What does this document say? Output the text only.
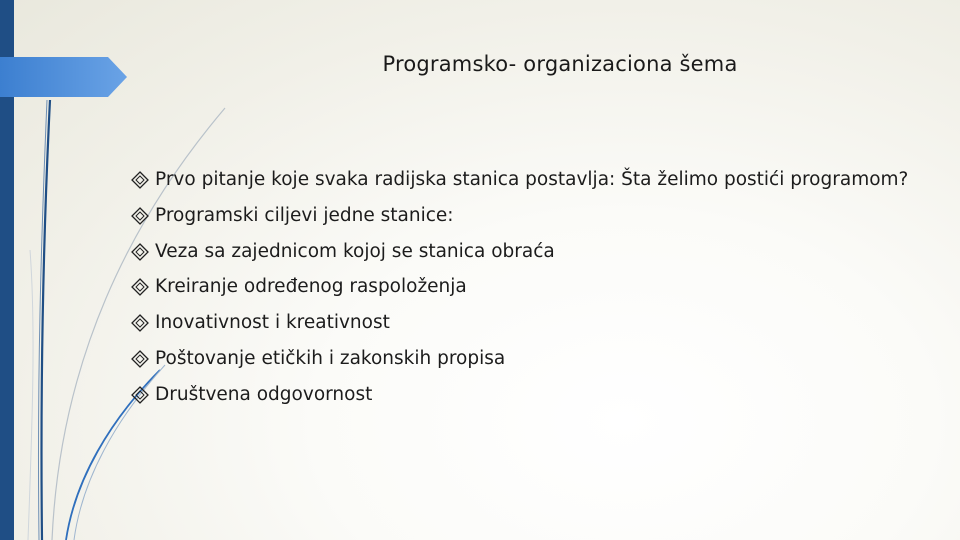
Programsko- organizaciona šema
Prvo pitanje koje svaka radijska stanica postavlja: Šta želimo postići programom?
Programski ciljevi jedne stanice:
Veza sa zajednicom kojoj se stanica obraća
Kreiranje određenog raspoloženja
Inovativnost i kreativnost
Poštovanje etičkih i zakonskih propisa
Društvena odgovornost
